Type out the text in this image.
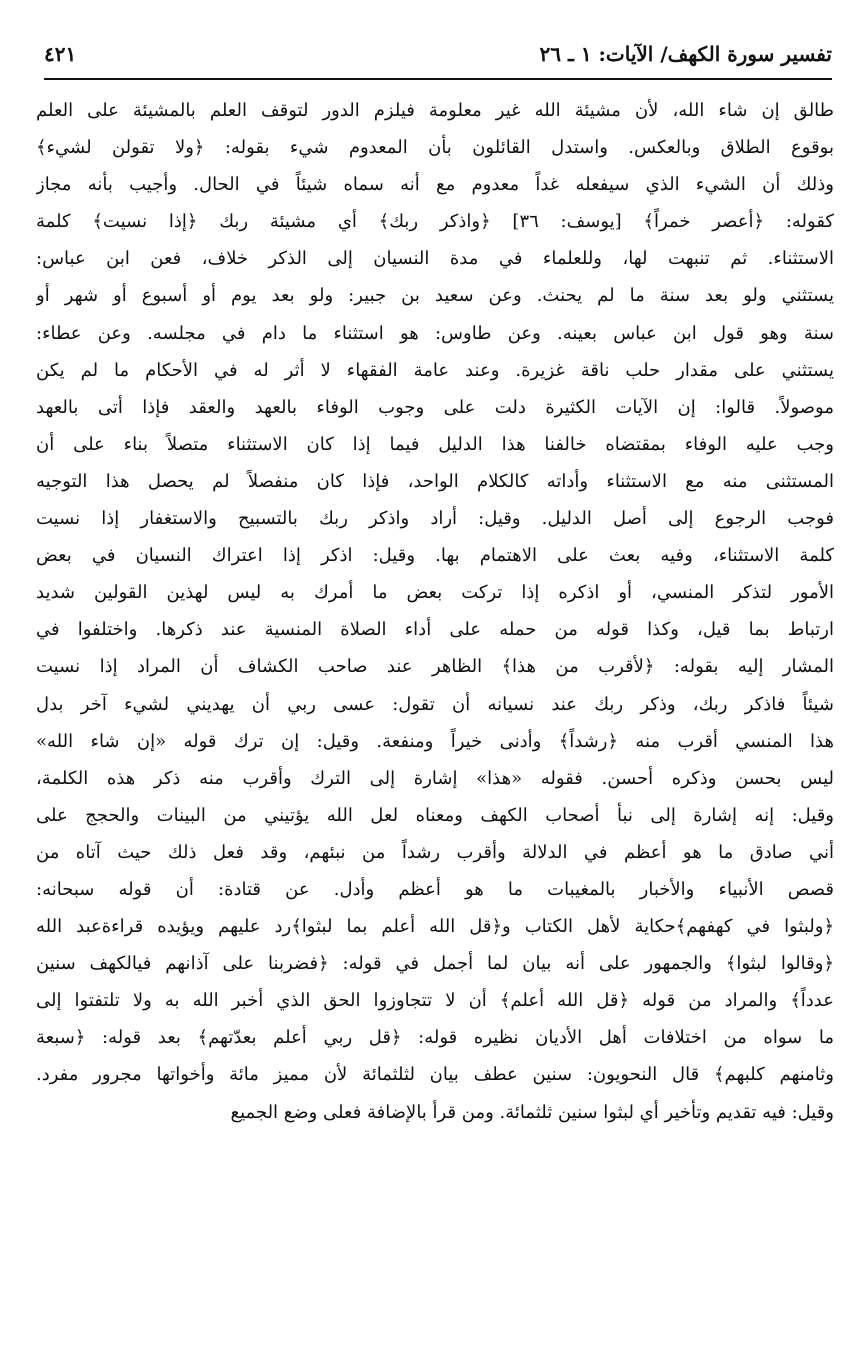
تفسير سورة الكهف/ الآيات: ١ ـ ٢٦
٤٢١
طالق إن شاء الله، لأن مشيئة الله غير معلومة فيلزم الدور لتوقف العلم بالمشيئة على العلم
بوقوع الطلاق وبالعكس. واستدل القائلون بأن المعدوم شيء بقوله: ﴿ولا تقولن لشيء﴾
وذلك أن الشيء الذي سيفعله غداً معدوم مع أنه سماه شيئاً في الحال. وأجيب بأنه مجاز
كقوله: ﴿أعصر خمراً﴾ [يوسف: ٣٦] ﴿واذكر ربك﴾ أي مشيئة ربك ﴿إذا نسيت﴾ كلمة
الاستثناء. ثم تنبهت لها، وللعلماء في مدة النسيان إلى الذكر خلاف، فعن ابن عباس:
يستثني ولو بعد سنة ما لم يحنث. وعن سعيد بن جبير: ولو بعد يوم أو أسبوع أو شهر أو
سنة وهو قول ابن عباس بعينه. وعن طاوس: هو استثناء ما دام في مجلسه. وعن عطاء:
يستثني على مقدار حلب ناقة غزيرة. وعند عامة الفقهاء لا أثر له في الأحكام ما لم يكن
موصولاً. قالوا: إن الآيات الكثيرة دلت على وجوب الوفاء بالعهد والعقد فإذا أتى بالعهد
وجب عليه الوفاء بمقتضاه خالفنا هذا الدليل فيما إذا كان الاستثناء متصلاً بناء على أن
المستثنى منه مع الاستثناء وأداته كالكلام الواحد، فإذا كان منفصلاً لم يحصل هذا التوجيه
فوجب الرجوع إلى أصل الدليل. وقيل: أراد واذكر ربك بالتسبيح والاستغفار إذا نسيت
كلمة الاستثناء، وفيه بعث على الاهتمام بها. وقيل: اذكر إذا اعتراك النسيان في بعض
الأمور لتذكر المنسي، أو اذكره إذا تركت بعض ما أمرك به ليس لهذين القولين شديد
ارتباط بما قيل، وكذا قوله من حمله على أداء الصلاة المنسية عند ذكرها. واختلفوا في
المشار إليه بقوله: ﴿لأقرب من هذا﴾ الظاهر عند صاحب الكشاف أن المراد إذا نسيت
شيئاً فاذكر ربك، وذكر ربك عند نسيانه أن تقول: عسى ربي أن يهديني لشيء آخر بدل
هذا المنسي أقرب منه ﴿رشداً﴾ وأدنى خيراً ومنفعة. وقيل: إن ترك قوله «إن شاء الله»
ليس بحسن وذكره أحسن. فقوله «هذا» إشارة إلى الترك وأقرب منه ذكر هذه الكلمة،
وقيل: إنه إشارة إلى نبأ أصحاب الكهف ومعناه لعل الله يؤتيني من البينات والحجج على
أني صادق ما هو أعظم في الدلالة وأقرب رشداً من نبئهم، وقد فعل ذلك حيث آتاه من
قصص الأنبياء والأخبار بالمغيبات ما هو أعظم وأدل. عن قتادة: أن قوله سبحانه:
﴿ولبثوا في كهفهم﴾حكاية لأهل الكتاب و﴿قل الله أعلم بما لبثوا﴾رد عليهم ويؤيده قراءةعبد الله
﴿وقالوا لبثوا﴾ والجمهور على أنه بيان لما أجمل في قوله: ﴿فضربنا على آذانهم فيالكهف سنين
عدداً﴾ والمراد من قوله ﴿قل الله أعلم﴾ أن لا تتجاوزوا الحق الذي أخبر الله به ولا تلتفتوا إلى
ما سواه من اختلافات أهل الأديان نظيره قوله: ﴿قل ربي أعلم بعدّتهم﴾ بعد قوله: ﴿سبعة
وثامنهم كلبهم﴾ قال النحويون: سنين عطف بيان لثلثمائة لأن مميز مائة وأخواتها مجرور مفرد.
وقيل: فيه تقديم وتأخير أي لبثوا سنين ثلثمائة. ومن قرأ بالإضافة فعلى وضع الجميع
